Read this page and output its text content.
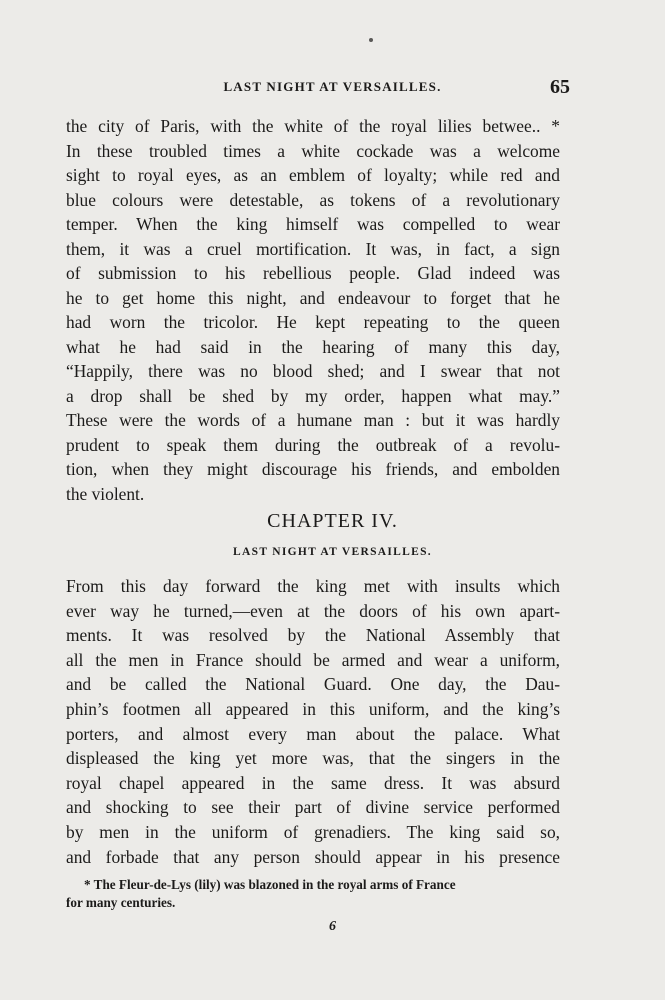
LAST NIGHT AT VERSAILLES.	65
the city of Paris, with the white of the royal lilies betwee.. *
In these troubled times a white cockade was a welcome
sight to royal eyes, as an emblem of loyalty; while red and
blue colours were detestable, as tokens of a revolutionary
temper. When the king himself was compelled to wear
them, it was a cruel mortification. It was, in fact, a sign
of submission to his rebellious people. Glad indeed was
he to get home this night, and endeavour to forget that he
had worn the tricolor. He kept repeating to the queen
what he had said in the hearing of many this day,
“Happily, there was no blood shed; and I swear that not
a drop shall be shed by my order, happen what may.”
These were the words of a humane man : but it was hardly
prudent to speak them during the outbreak of a revolu-
tion, when they might discourage his friends, and embolden
the violent.
CHAPTER IV.
LAST NIGHT AT VERSAILLES.
From this day forward the king met with insults which
ever way he turned,—even at the doors of his own apart-
ments. It was resolved by the National Assembly that
all the men in France should be armed and wear a uniform,
and be called the National Guard. One day, the Dau-
phin’s footmen all appeared in this uniform, and the king’s
porters, and almost every man about the palace. What
displeased the king yet more was, that the singers in the
royal chapel appeared in the same dress. It was absurd
and shocking to see their part of divine service performed
by men in the uniform of grenadiers. The king said so,
and forbade that any person should appear in his presence
* The Fleur-de-Lys (lily) was blazoned in the royal arms of France
for many centuries.
6
